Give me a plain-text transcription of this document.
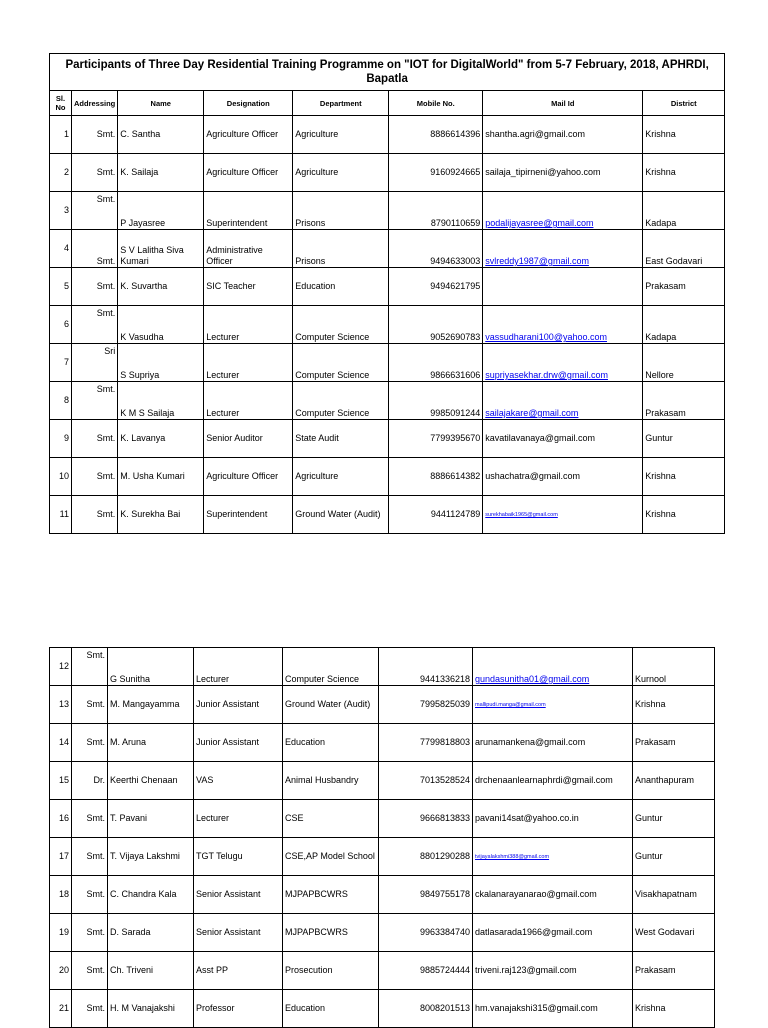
Participants of Three Day Residential Training Programme on "IOT for DigitalWorld" from 5-7 February, 2018, APHRDI, Bapatla							
Sl. No	Addressing	Name	Designation	Department	Mobile No.	Mail Id	District
1	Smt.	C. Santha	Agriculture Officer	Agriculture	8886614396	shantha.agri@gmail.com	Krishna
2	Smt.	K. Sailaja	Agriculture Officer	Agriculture	9160924665	sailaja_tipirneni@yahoo.com	Krishna
3	Smt.	P Jayasree	Superintendent	Prisons	8790110659	podalijayasree@gmail.com	Kadapa
4	Smt.	S V Lalitha Siva Kumari	Administrative Officer	Prisons	9494633003	svlreddy1987@gmail.com	East Godavari
5	Smt.	K. Suvartha	SIC Teacher	Education	9494621795		Prakasam
6	Smt.	K Vasudha	Lecturer	Computer Science	9052690783	vassudharani100@yahoo.com	Kadapa
7	Sri	S Supriya	Lecturer	Computer Science	9866631606	supriyasekhar.drw@gmail.com	Nellore
8	Smt.	K M S Sailaja	Lecturer	Computer Science	9985091244	sailajakare@gmail.com	Prakasam
9	Smt.	K. Lavanya	Senior Auditor	State Audit	7799395670	kavatilavanaya@gmail.com	Guntur
10	Smt.	M. Usha Kumari	Agriculture Officer	Agriculture	8886614382	ushachatra@gmail.com	Krishna
11	Smt.	K. Surekha Bai	Superintendent	Ground Water (Audit)	9441124789	surekhabaik1965@gmail.com	Krishna
12	Smt.	G Sunitha	Lecturer	Computer Science	9441336218	gundasunitha01@gmail.com	Kurnool
13	Smt.	M. Mangayamma	Junior Assistant	Ground Water (Audit)	7995825039	mallipudi.manga@gmail.com	Krishna
14	Smt.	M. Aruna	Junior Assistant	Education	7799818803	arunamankena@gmail.com	Prakasam
15	Dr.	Keerthi Chenaan	VAS	Animal Husbandry	7013528524	drchenaanlearnaphrdi@gmail.com	Ananthapuram
16	Smt.	T. Pavani	Lecturer	CSE	9666813833	pavani14sat@yahoo.co.in	Guntur
17	Smt.	T. Vijaya Lakshmi	TGT Telugu	CSE,AP Model School	8801290288	tvijayalakshmi388@gmail.com	Guntur
18	Smt.	C. Chandra Kala	Senior Assistant	MJPAPBCWRS	9849755178	ckalanarayanarao@gmail.com	Visakhapatnam
19	Smt.	D. Sarada	Senior Assistant	MJPAPBCWRS	9963384740	datlasarada1966@gmail.com	West Godavari
20	Smt.	Ch. Triveni	Asst PP	Prosecution	9885724444	triveni.raj123@gmail.com	Prakasam
21	Smt.	H. M Vanajakshi	Professor	Education	8008201513	hm.vanajakshi315@gmail.com	Krishna
